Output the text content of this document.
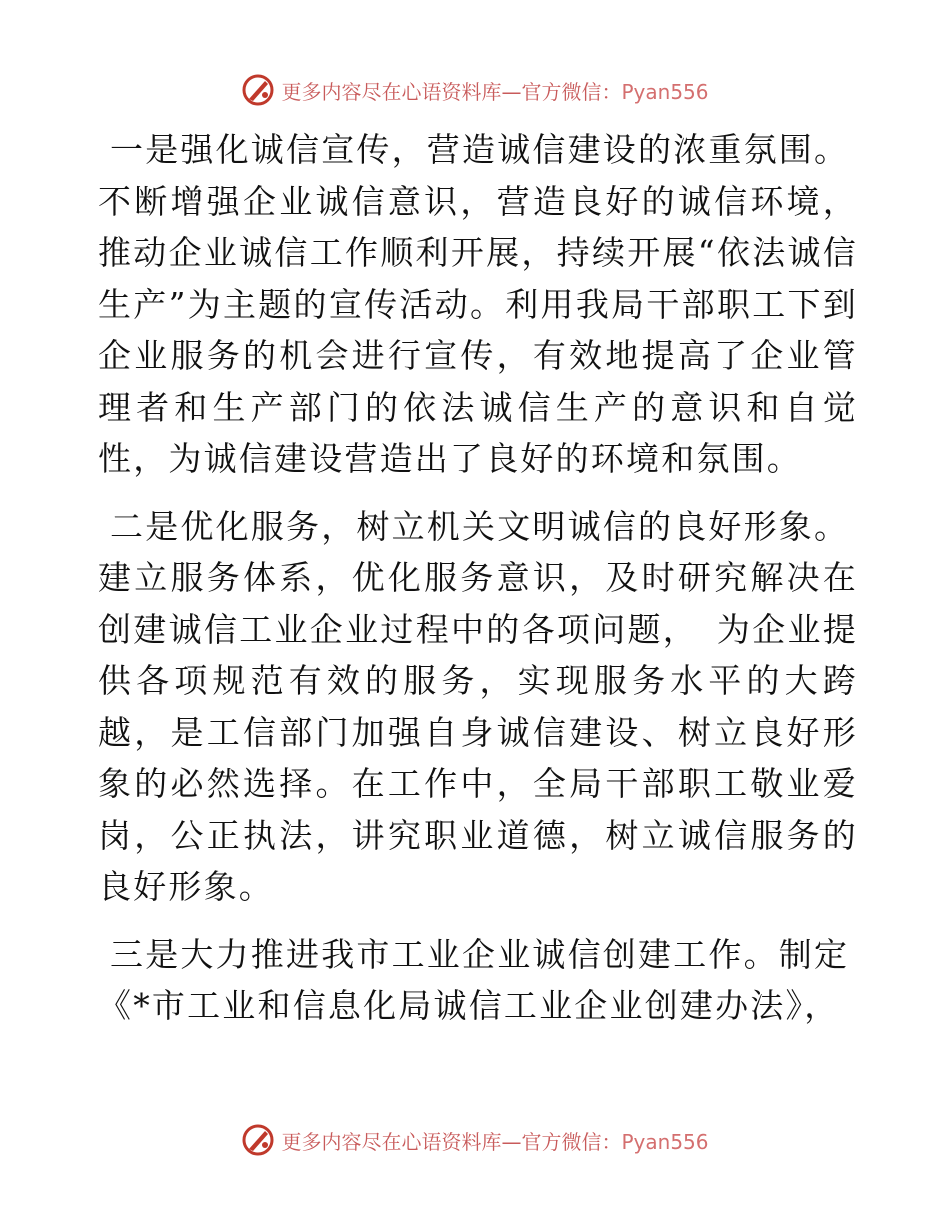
更多内容尽在心语资料库—官方微信：Pyan556

一是强化诚信宣传，营造诚信建设的浓重氛围。
不断增强企业诚信意识，营造良好的诚信环境，推动企业诚信工作顺利开展，持续开展“依法诚信生产”为主题的宣传活动。利用我局干部职工下到企业服务的机会进行宣传，有效地提高了企业管理者和生产部门的依法诚信生产的意识和自觉性，为诚信建设营造出了良好的环境和氛围。

二是优化服务，树立机关文明诚信的良好形象。
建立服务体系，优化服务意识，及时研究解决在创建诚信工业企业过程中的各项问题，　为企业提供各项规范有效的服务，实现服务水平的大跨越，是工信部门加强自身诚信建设、树立良好形象的必然选择。在工作中，全局干部职工敬业爱岗，公正执法，讲究职业道德，树立诚信服务的良好形象。

三是大力推进我市工业企业诚信创建工作。制定
《*市工业和信息化局诚信工业企业创建办法》，

更多内容尽在心语资料库—官方微信：Pyan556
